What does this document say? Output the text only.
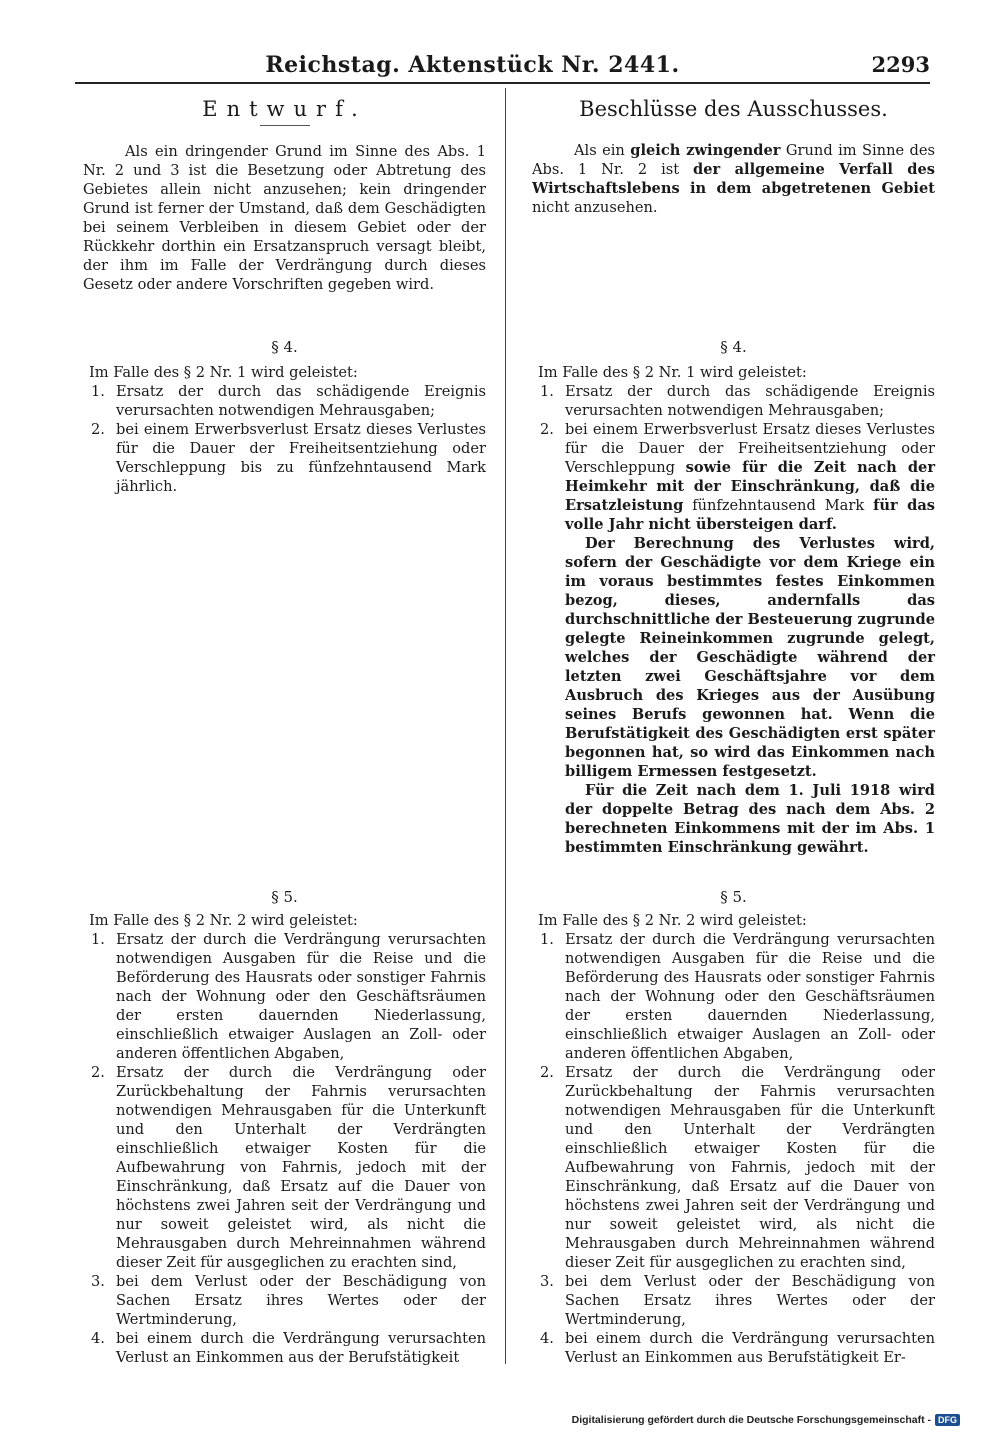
Reichstag. Aktenstück Nr. 2441.	2293
Entwurf.

Als ein dringender Grund im Sinne des Abs. 1 Nr. 2 und 3 ist die Besetzung oder Abtretung des Gebietes allein nicht anzusehen; kein dringender Grund ist ferner der Umstand, daß dem Geschädigten bei seinem Verbleiben in diesem Gebiet oder der Rückkehr dorthin ein Ersatzanspruch versagt bleibt, der ihm im Falle der Verdrängung durch dieses Gesetz oder andere Vorschriften gegeben wird.

§ 4.

Im Falle des § 2 Nr. 1 wird geleistet:

1. Ersatz der durch das schädigende Ereignis verursachten notwendigen Mehrausgaben;
2. bei einem Erwerbsverlust Ersatz dieses Verlustes für die Dauer der Freiheitsentziehung oder Verschleppung bis zu fünfzehntausend Mark jährlich.

§ 5.

Im Falle des § 2 Nr. 2 wird geleistet:

1. Ersatz der durch die Verdrängung verursachten notwendigen Ausgaben für die Reise und die Beförderung des Hausrats oder sonstiger Fahrnis nach der Wohnung oder den Geschäftsräumen der ersten dauernden Niederlassung, einschließlich etwaiger Auslagen an Zoll- oder anderen öffentlichen Abgaben,
2. Ersatz der durch die Verdrängung oder Zurückbehaltung der Fahrnis verursachten notwendigen Mehrausgaben für die Unterkunft und den Unterhalt der Verdrängten einschließlich etwaiger Kosten für die Aufbewahrung von Fahrnis, jedoch mit der Einschränkung, daß Ersatz auf die Dauer von höchstens zwei Jahren seit der Verdrängung und nur soweit geleistet wird, als nicht die Mehrausgaben durch Mehreinnahmen während dieser Zeit für ausgeglichen zu erachten sind,
3. bei dem Verlust oder der Beschädigung von Sachen Ersatz ihres Wertes oder der Wertminderung,
4. bei einem durch die Verdrängung verursachten Verlust an Einkommen aus der Berufstätigkeit
Beschlüsse des Ausschusses.

Als ein gleich zwingender Grund im Sinne des Abs. 1 Nr. 2 ist der allgemeine Verfall des Wirtschaftslebens in dem abgetretenen Gebiet nicht anzusehen.

§ 4.

Im Falle des § 2 Nr. 1 wird geleistet:

1. Ersatz der durch das schädigende Ereignis verursachten notwendigen Mehrausgaben;
2. bei einem Erwerbsverlust Ersatz dieses Verlustes für die Dauer der Freiheitsentziehung oder Verschleppung sowie für die Zeit nach der Heimkehr mit der Einschränkung, daß die Ersatzleistung fünfzehntausend Mark für das volle Jahr nicht übersteigen darf.
Der Berechnung des Verlustes wird, sofern der Geschädigte vor dem Kriege ein im voraus bestimmtes festes Einkommen bezog, dieses, andernfalls das durchschnittliche der Besteuerung zugrunde gelegte Reineinkommen zugrunde gelegt, welches der Geschädigte während der letzten zwei Geschäftsjahre vor dem Ausbruch des Krieges aus der Ausübung seines Berufs gewonnen hat. Wenn die Berufstätigkeit des Geschädigten erst später begonnen hat, so wird das Einkommen nach billigem Ermessen festgesetzt.
Für die Zeit nach dem 1. Juli 1918 wird der doppelte Betrag des nach dem Abs. 2 berechneten Einkommens mit der im Abs. 1 bestimmten Einschränkung gewährt.

§ 5.

Im Falle des § 2 Nr. 2 wird geleistet:

1. Ersatz der durch die Verdrängung verursachten notwendigen Ausgaben für die Reise und die Beförderung des Hausrats oder sonstiger Fahrnis nach der Wohnung oder den Geschäftsräumen der ersten dauernden Niederlassung, einschließlich etwaiger Auslagen an Zoll- oder anderen öffentlichen Abgaben,
2. Ersatz der durch die Verdrängung oder Zurückbehaltung der Fahrnis verursachten notwendigen Mehrausgaben für die Unterkunft und den Unterhalt der Verdrängten einschließlich etwaiger Kosten für die Aufbewahrung von Fahrnis, jedoch mit der Einschränkung, daß Ersatz auf die Dauer von höchstens zwei Jahren seit der Verdrängung und nur soweit geleistet wird, als nicht die Mehrausgaben durch Mehreinnahmen während dieser Zeit für ausgeglichen zu erachten sind,
3. bei dem Verlust oder der Beschädigung von Sachen Ersatz ihres Wertes oder der Wertminderung,
4. bei einem durch die Verdrängung verursachten Verlust an Einkommen aus Berufstätigkeit Er-
Digitalisierung gefördert durch die Deutsche Forschungsgemeinschaft - DFG
